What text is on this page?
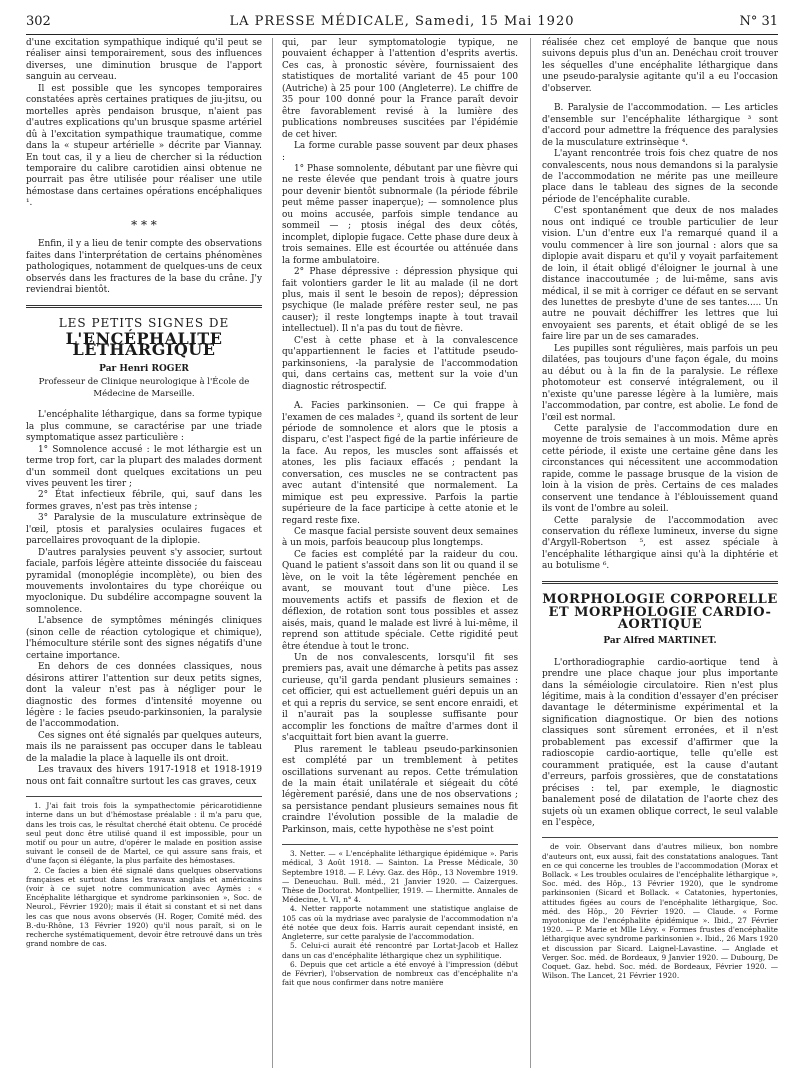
302	LA PRESSE MÉDICALE, Samedi, 15 Mai 1920	N° 31

d'une excitation sympathique indiqué qu'il peut se réaliser ainsi temporairement, sous des influences diverses, une diminution brusque de l'apport sanguin au cerveau.

Il est possible que les syncopes temporaires constatées après certaines pratiques de jiu-jitsu, ou mortelles après pendaison brusque, n'aient pas d'autres explications qu'un brusque spasme artériel dû à l'excitation sympathique traumatique, comme dans la « stupeur artérielle » décrite par Viannay. En tout cas, il y a lieu de chercher si la réduction temporaire du calibre carotidien ainsi obtenue ne pourrait pas être utilisée pour réaliser une utile hémostase dans certaines opérations encéphaliques ¹.

* * *

Enfin, il y a lieu de tenir compte des observations faites dans l'interprétation de certains phénomènes pathologiques, notamment de quelques-uns de ceux observés dans les fractures de la base du crâne. J'y reviendrai bientôt.

LES PETITS SIGNES DE
L'ENCÉPHALITE LÉTHARGIQUE
Par Henri ROGER
Professeur de Clinique neurologique à l'École de Médecine de Marseille.

L'encéphalite léthargique, dans sa forme typique la plus commune, se caractérise par une triade symptomatique assez particulière :

1° Somnolence accusé : le mot léthargie est un terme trop fort, car la plupart des malades dorment d'un sommeil dont quelques excitations un peu vives peuvent les tirer ;

2° État infectieux fébrile, qui, sauf dans les formes graves, n'est pas très intense ;

3° Paralysie de la musculature extrinsèque de l'œil, ptosis et paralysies oculaires fugaces et parcellaires provoquant de la diplopie.

D'autres paralysies peuvent s'y associer, surtout faciale, parfois légère atteinte dissociée du faisceau pyramidal (monoplégie incomplète), ou bien des mouvements involontaires du type choréique ou myoclonique. Du subdélire accompagne souvent la somnolence.

L'absence de symptômes méningés cliniques (sinon celle de réaction cytologique et chimique), l'hémoculture stérile sont des signes négatifs d'une certaine importance.

En dehors de ces données classiques, nous désirons attirer l'attention sur deux petits signes, dont la valeur n'est pas à négliger pour le diagnostic des formes d'intensité moyenne ou légère : le facies pseudo-parkinsonien, la paralysie de l'accommodation.

Ces signes ont été signalés par quelques auteurs, mais ils ne paraissent pas occuper dans le tableau de la maladie la place à laquelle ils ont droit.

Les travaux des hivers 1917-1918 et 1918-1919 nous ont fait connaître surtout les cas graves, ceux

1. J'ai fait trois fois la sympathectomie péricarotidienne interne dans un but d'hémostase préalable : il m'a paru que, dans les trois cas, le résultat cherché était obtenu. Ce procédé seul peut donc être utilisé quand il est impossible, pour un motif ou pour un autre, d'opérer le malade en position assise suivant le conseil de de Martel, ce qui assure sans frais, et d'une façon si élégante, la plus parfaite des hémostases.

2. Ce facies a bien été signalé dans quelques observations françaises et surtout dans les travaux anglais et américains (voir à ce sujet notre communication avec Aymès : « Encéphalite léthargique et syndrome parkinsonien », Soc. de Neurol., Février 1920); mais il était si constant et si net dans les cas que nous avons observés (H. Roger, Comité méd. des B.-du-Rhône, 13 Février 1920) qu'il nous paraît, si on le recherche systématiquement, devoir être retrouvé dans un très grand nombre de cas.

qui, par leur symptomatologie typique, ne pouvaient échapper à l'attention d'esprits avertis. Ces cas, à pronostic sévère, fournissaient des statistiques de mortalité variant de 45 pour 100 (Autriche) à 25 pour 100 (Angleterre). Le chiffre de 35 pour 100 donné pour la France paraît devoir être favorablement revisé à la lumière des publications nombreuses suscitées par l'épidémie de cet hiver.

La forme curable passe souvent par deux phases :

1° Phase somnolente, débutant par une fièvre qui ne reste élevée que pendant trois à quatre jours pour devenir bientôt subnormale (la période fébrile peut même passer inaperçue); — somnolence plus ou moins accusée, parfois simple tendance au sommeil — ; ptosis inégal des deux côtés, incomplet, diplopie fugace. Cette phase dure deux à trois semaines. Elle est écourtée ou atténuée dans la forme ambulatoire.

2° Phase dépressive : dépression physique qui fait volontiers garder le lit au malade (il ne dort plus, mais il sent le besoin de repos); dépression psychique (le malade préfère rester seul, ne pas causer); il reste longtemps inapte à tout travail intellectuel). Il n'a pas du tout de fièvre.

C'est à cette phase et à la convalescence qu'appartiennent le facies et l'attitude pseudo-parkinsoniens, -la paralysie de l'accommodation qui, dans certains cas, mettent sur la voie d'un diagnostic rétrospectif.

A. Facies parkinsonien. — Ce qui frappe à l'examen de ces malades ², quand ils sortent de leur période de somnolence et alors que le ptosis a disparu, c'est l'aspect figé de la partie inférieure de la face. Au repos, les muscles sont affaissés et atones, les plis faciaux effacés ; pendant la conversation, ces muscles ne se contractent pas avec autant d'intensité que normalement. La mimique est peu expressive. Parfois la partie supérieure de la face participe à cette atonie et le regard reste fixe.

Ce masque facial persiste souvent deux semaines à un mois, parfois beaucoup plus longtemps.

Ce facies est complété par la raideur du cou. Quand le patient s'assoit dans son lit ou quand il se lève, on le voit la tête légèrement penchée en avant, se mouvant tout d'une pièce. Les mouvements actifs et passifs de flexion et de déflexion, de rotation sont tous possibles et assez aisés, mais, quand le malade est livré à lui-même, il reprend son attitude spéciale. Cette rigidité peut être étendue à tout le tronc.

Un de nos convalescents, lorsqu'il fit ses premiers pas, avait une démarche à petits pas assez curieuse, qu'il garda pendant plusieurs semaines : cet officier, qui est actuellement guéri depuis un an et qui a repris du service, se sent encore enraidi, et il n'aurait pas la souplesse suffisante pour accomplir les fonctions de maître d'armes dont il s'acquittait fort bien avant la guerre.

Plus rarement le tableau pseudo-parkinsonien est complété par un tremblement à petites oscillations survenant au repos. Cette trémulation de la main était unilatérale et siégeait du côté légèrement parésié, dans une de nos observations ; sa persistance pendant plusieurs semaines nous fit craindre l'évolution possible de la maladie de Parkinson, mais, cette hypothèse ne s'est point

3. Netter. — « L'encéphalite léthargique épidémique ». Paris médical, 3 Août 1918. — Sainton. La Presse Médicale, 30 Septembre 1918. — F. Lévy. Gaz. des Hôp., 13 Novembre 1919. — Deneuchau. Bull. méd., 21 Janvier 1920. — Caizergues. Thèse de Doctorat. Montpellier, 1919. — Lhermitte. Annales de Médecine, t. VI, n° 4.

4. Netter rapporte notamment une statistique anglaise de 105 cas où la mydriase avec paralysie de l'accommodation n'a été notée que deux fois. Harris aurait cependant insisté, en Angleterre, sur cette paralysie de l'accommodation.

5. Celui-ci aurait été rencontré par Lortat-Jacob et Hallez dans un cas d'encéphalite léthargique chez un syphilitique.

6. Depuis que cet article a été envoyé à l'impression (début de Février), l'observation de nombreux cas d'encéphalite n'a fait que nous confirmer dans notre manière

réalisée chez cet employé de banque que nous suivons depuis plus d'un an. Denéchau croit trouver les séquelles d'une encéphalite léthargique dans une pseudo-paralysie agitante qu'il a eu l'occasion d'observer.

B. Paralysie de l'accommodation. — Les articles d'ensemble sur l'encéphalite léthargique ³ sont d'accord pour admettre la fréquence des paralysies de la musculature extrinsèque ⁴.

L'ayant rencontrée trois fois chez quatre de nos convalescents, nous nous demandons si la paralysie de l'accommodation ne mérite pas une meilleure place dans le tableau des signes de la seconde période de l'encéphalite curable.

C'est spontanément que deux de nos malades nous ont indiqué ce trouble particulier de leur vision. L'un d'entre eux l'a remarqué quand il a voulu commencer à lire son journal : alors que sa diplopie avait disparu et qu'il y voyait parfaitement de loin, il était obligé d'éloigner le journal à une distance inaccoutumée ; de lui-même, sans avis médical, il se mit à corriger ce défaut en se servant des lunettes de presbyte d'une de ses tantes..... Un autre ne pouvait déchiffrer les lettres que lui envoyaient ses parents, et était obligé de se les faire lire par un de ses camarades.

Les pupilles sont régulières, mais parfois un peu dilatées, pas toujours d'une façon égale, du moins au début ou à la fin de la paralysie. Le réflexe photomoteur est conservé intégralement, ou il n'existe qu'une paresse légère à la lumière, mais l'accommodation, par contre, est abolie. Le fond de l'œil est normal.

Cette paralysie de l'accommodation dure en moyenne de trois semaines à un mois. Même après cette période, il existe une certaine gêne dans les circonstances qui nécessitent une accommodation rapide, comme le passage brusque de la vision de loin à la vision de près. Certains de ces malades conservent une tendance à l'éblouissement quand ils vont de l'ombre au soleil.

Cette paralysie de l'accommodation avec conservation du réflexe lumineux, inverse du signe d'Argyll-Robertson ⁵, est assez spéciale à l'encéphalite léthargique ainsi qu'à la diphtérie et au botulisme ⁶.

MORPHOLOGIE CORPORELLE
ET MORPHOLOGIE CARDIO-AORTIQUE
Par Alfred MARTINET.

L'orthoradiographie cardio-aortique tend à prendre une place chaque jour plus importante dans la séméiologie circulatoire. Rien n'est plus légitime, mais à la condition d'essayer d'en préciser davantage le déterminisme expérimental et la signification diagnostique. Or bien des notions classiques sont sûrement erronées, et il n'est probablement pas excessif d'affirmer que la radioscopie cardio-aortique, telle qu'elle est couramment pratiquée, est la cause d'autant d'erreurs, parfois grossières, que de constatations précises : tel, par exemple, le diagnostic banalement posé de dilatation de l'aorte chez des sujets où un examen oblique correct, le seul valable en l'espèce,

de voir. Observant dans d'autres milieux, bon nombre d'auteurs ont, eux aussi, fait des constatations analogues. Tant en ce qui concerne les troubles de l'accommodation (Morax et Bollack. « Les troubles oculaires de l'encéphalite léthargique », Soc. méd. des Hôp., 13 Février 1920), que le syndrome parkinsonien (Sicard et Bollack. « Catatonies, hypertonies, attitudes figées au cours de l'encéphalite léthargique, Soc. méd. des Hôp., 20 Février 1920. — Claude. « Forme myotonique de l'encéphalite épidémique ». Ibid., 27 Février 1920. — P. Marie et Mlle Lévy. « Formes frustes d'encéphalite léthargique avec syndrome parkinsonien ». Ibid., 26 Mars 1920 et discussion par Sicard. Laignel-Lavastine. — Anglade et Verger. Soc. méd. de Bordeaux, 9 Janvier 1920. — Dubourg, De Coquet. Gaz. hebd. Soc. méd. de Bordeaux, Février 1920. — Wilson. The Lancet, 21 Février 1920.
